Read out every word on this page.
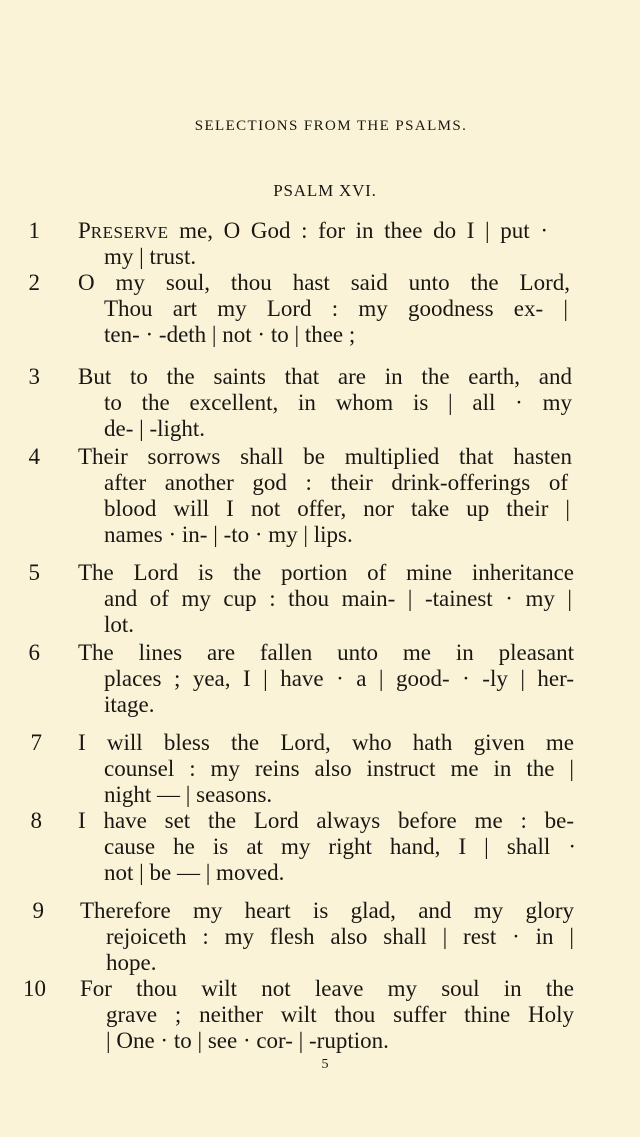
SELECTIONS FROM THE PSALMS.
PSALM XVI.
1 PRESERVE me, O God : for in thee do I | put ·
my | trust.
2 O my soul, thou hast said unto the Lord,
Thou art my Lord : my goodness ex- |
ten- · -deth | not · to | thee ;
3 But to the saints that are in the earth, and
to the excellent, in whom is | all · my
de- | -light.
4 Their sorrows shall be multiplied that hasten
after another god : their drink-offerings of
blood will I not offer, nor take up their |
names · in- | -to · my | lips.
5 The Lord is the portion of mine inheritance
and of my cup : thou main- | -tainest · my |
lot.
6 The lines are fallen unto me in pleasant
places ; yea, I | have · a | good- · -ly | her-
itage.
7 I will bless the Lord, who hath given me
counsel : my reins also instruct me in the |
night — | seasons.
8 I have set the Lord always before me : be-
cause he is at my right hand, I | shall ·
not | be — | moved.
9 Therefore my heart is glad, and my glory
rejoiceth : my flesh also shall | rest · in |
hope.
10 For thou wilt not leave my soul in the
grave ; neither wilt thou suffer thine Holy
| One · to | see · cor- | -ruption.
5
